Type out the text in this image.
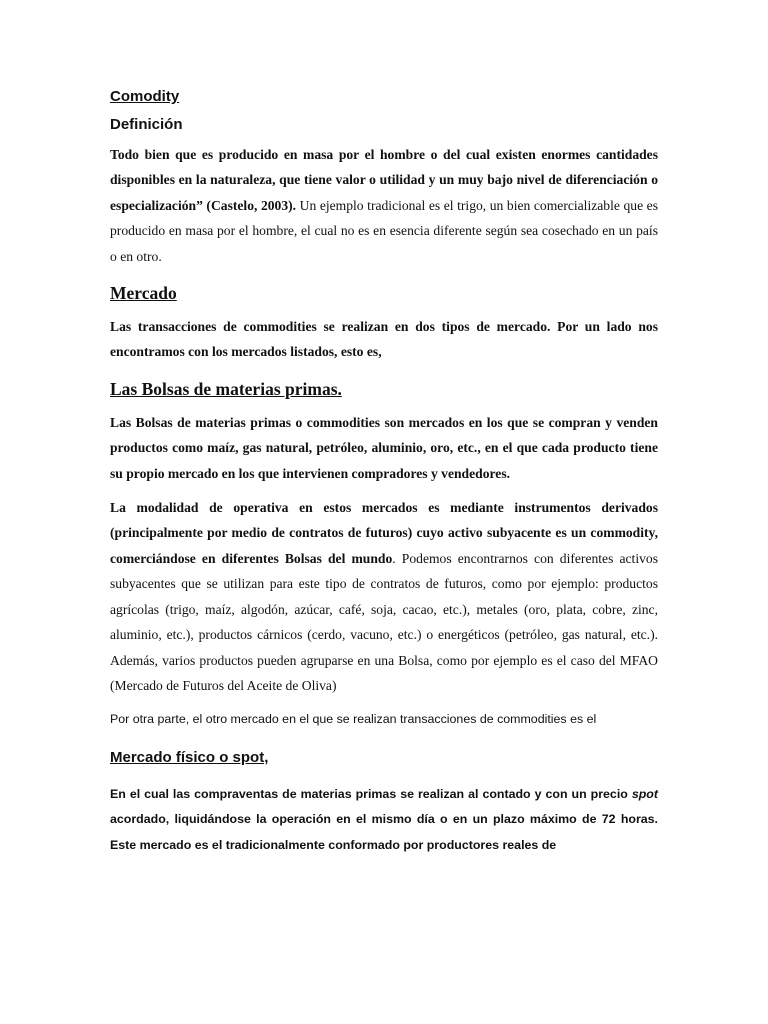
Comodity
Definición

Todo bien que es producido en masa por el hombre o del cual existen enormes cantidades disponibles en la naturaleza, que tiene valor o utilidad y un muy bajo nivel de diferenciación o especialización” (Castelo, 2003). Un ejemplo tradicional es el trigo, un bien comercializable que es producido en masa por el hombre, el cual no es en esencia diferente según sea cosechado en un país o en otro.

Mercado

Las transacciones de commodities se realizan en dos tipos de mercado. Por un lado nos encontramos con los mercados listados, esto es,

Las Bolsas de materias primas.

Las Bolsas de materias primas o commodities son mercados en los que se compran y venden productos como maíz, gas natural, petróleo, aluminio, oro, etc., en el que cada producto tiene su propio mercado en los que intervienen compradores y vendedores.

La modalidad de operativa en estos mercados es mediante instrumentos derivados (principalmente por medio de contratos de futuros) cuyo activo subyacente es un commodity, comerciándose en diferentes Bolsas del mundo. Podemos encontrarnos con diferentes activos subyacentes que se utilizan para este tipo de contratos de futuros, como por ejemplo: productos agrícolas (trigo, maíz, algodón, azúcar, café, soja, cacao, etc.), metales (oro, plata, cobre, zinc, aluminio, etc.), productos cárnicos (cerdo, vacuno, etc.) o energéticos (petróleo, gas natural, etc.). Además, varios productos pueden agruparse en una Bolsa, como por ejemplo es el caso del MFAO (Mercado de Futuros del Aceite de Oliva)

Por otra parte, el otro mercado en el que se realizan transacciones de commodities es el

Mercado físico o spot,

En el cual las compraventas de materias primas se realizan al contado y con un precio spot acordado, liquidándose la operación en el mismo día o en un plazo máximo de 72 horas. Este mercado es el tradicionalmente conformado por productores reales de
